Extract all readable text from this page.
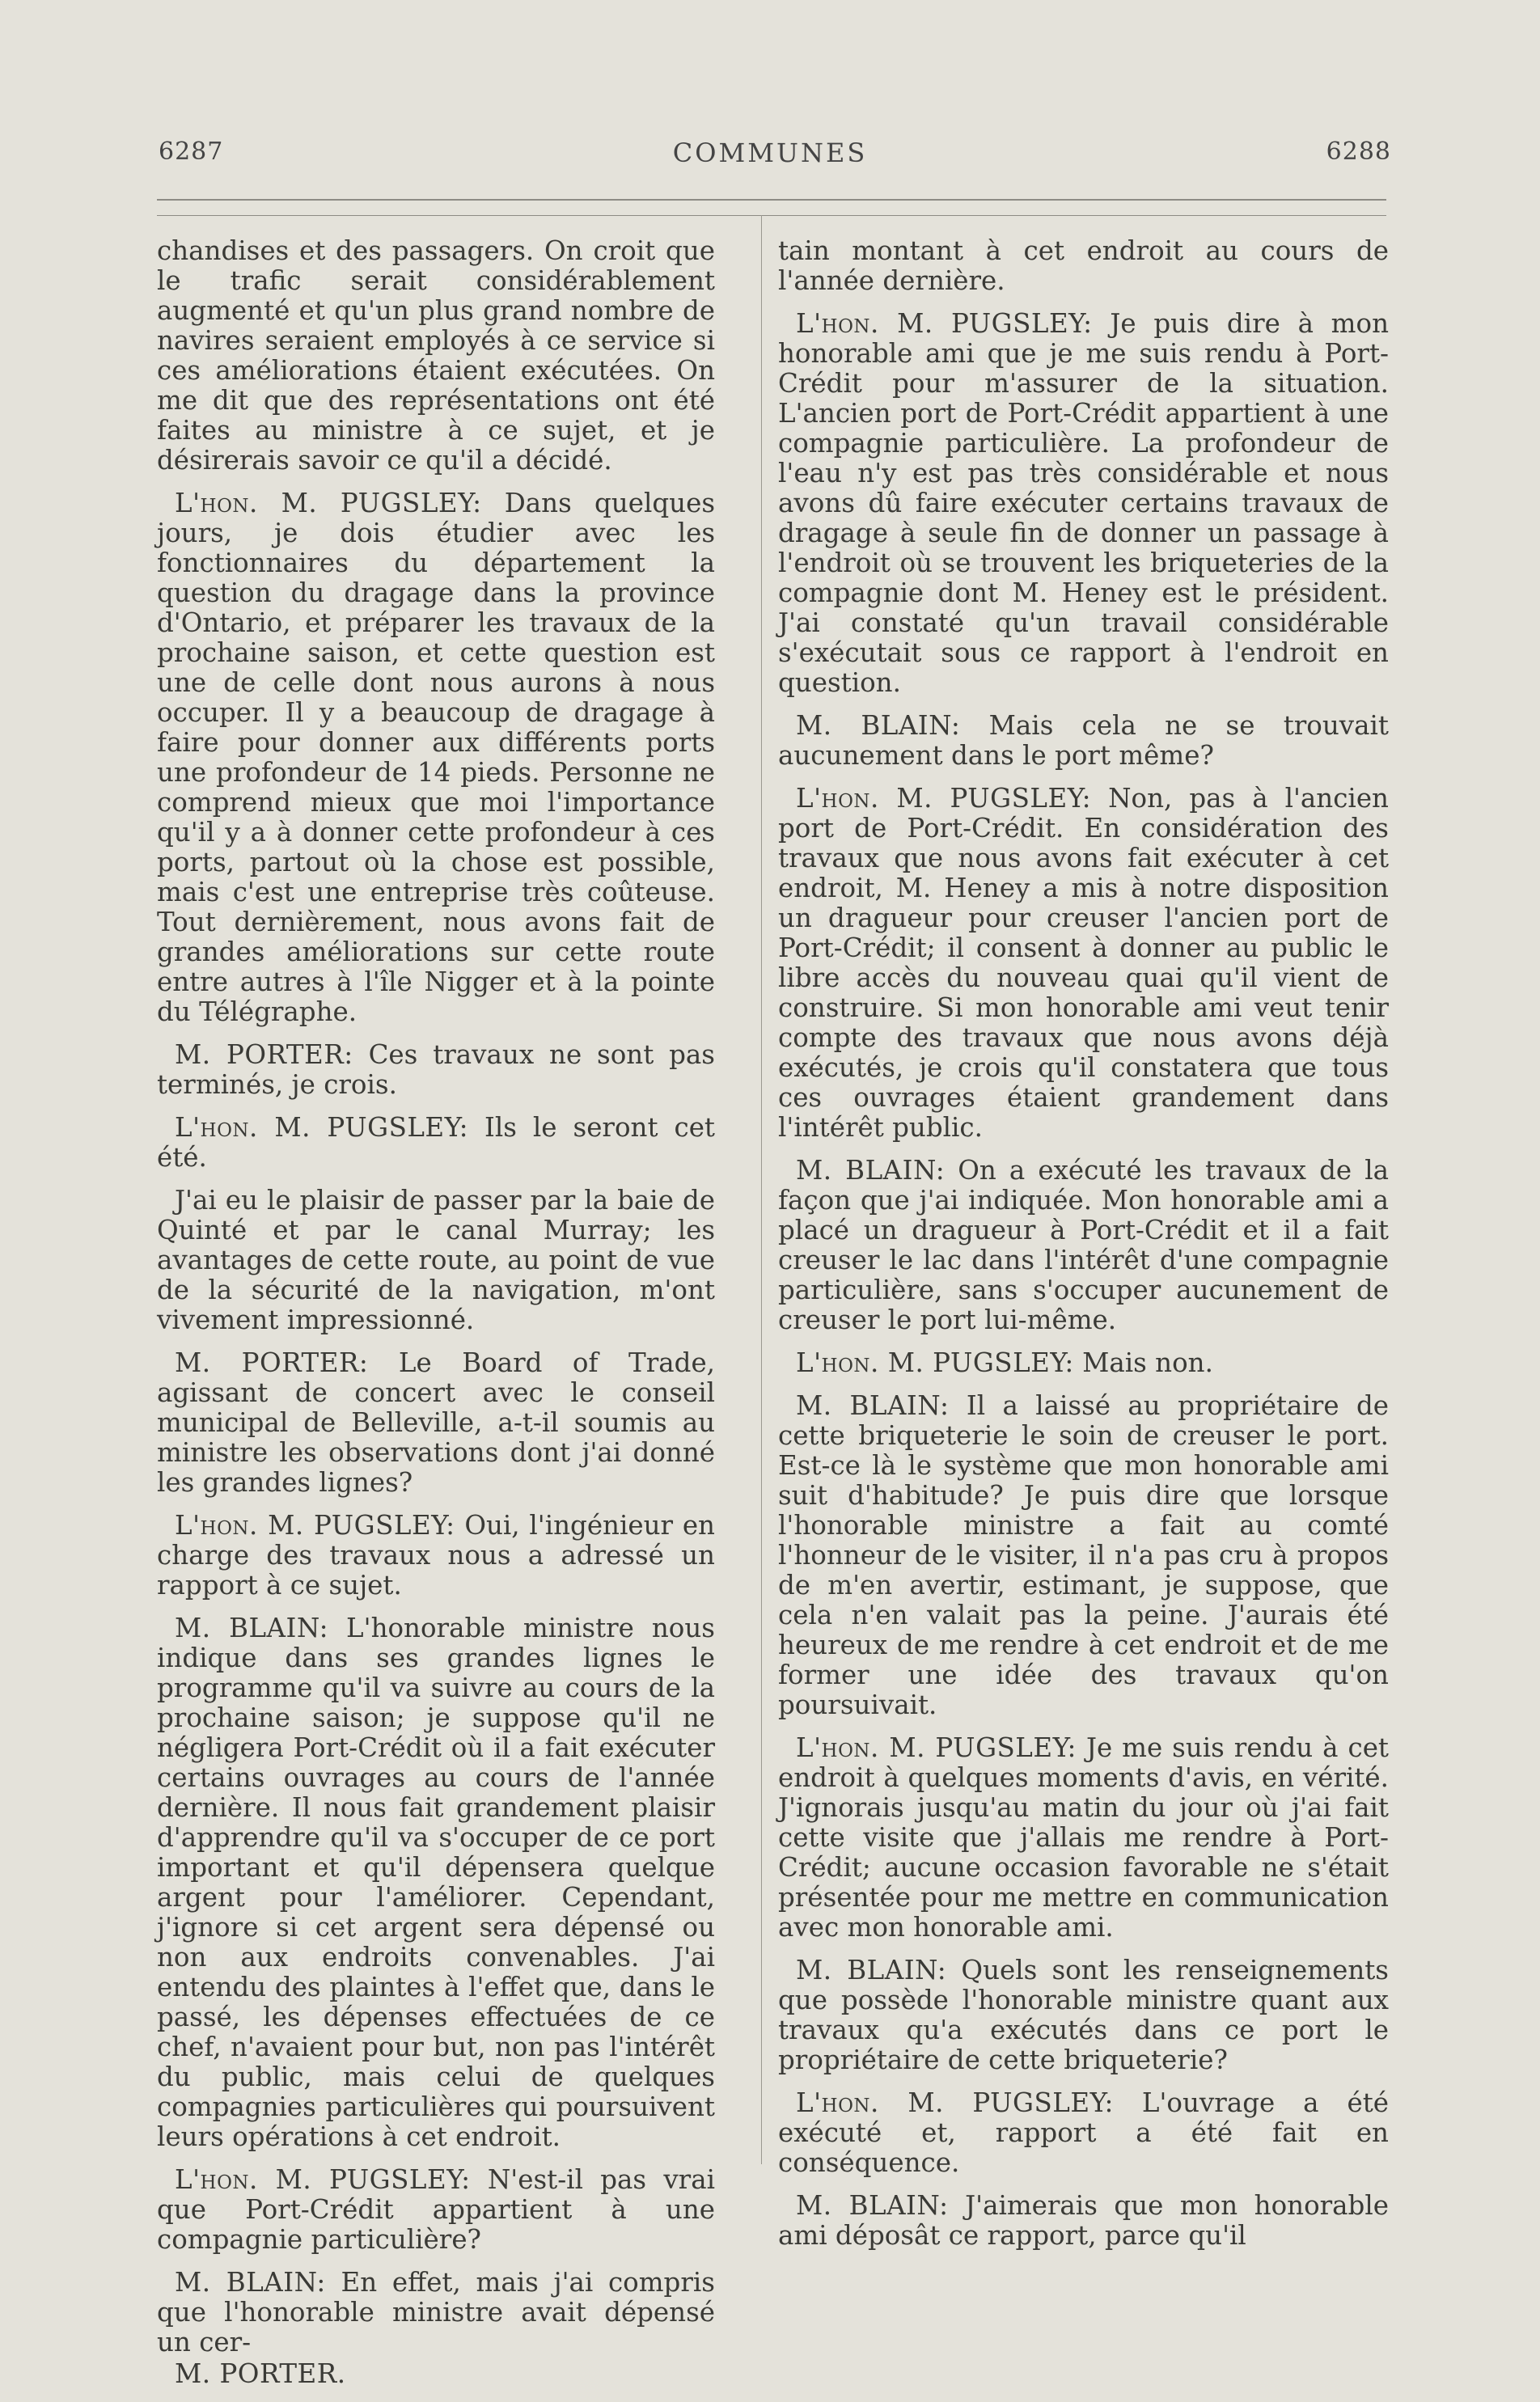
6287	COMMUNES	6288

chandises et des passagers. On croit que le trafic serait considérablement augmenté et qu'un plus grand nombre de navires seraient employés à ce service si ces améliorations étaient exécutées. On me dit que des représentations ont été faites au ministre à ce sujet, et je désirerais savoir ce qu'il a décidé.

L'hon. M. PUGSLEY: Dans quelques jours, je dois étudier avec les fonctionnaires du département la question du dragage dans la province d'Ontario, et préparer les travaux de la prochaine saison, et cette question est une de celle dont nous aurons à nous occuper. Il y a beaucoup de dragage à faire pour donner aux différents ports une profondeur de 14 pieds. Personne ne comprend mieux que moi l'importance qu'il y a à donner cette profondeur à ces ports, partout où la chose est possible, mais c'est une entreprise très coûteuse. Tout dernièrement, nous avons fait de grandes améliorations sur cette route entre autres à l'île Nigger et à la pointe du Télégraphe.

M. PORTER: Ces travaux ne sont pas terminés, je crois.

L'hon. M. PUGSLEY: Ils le seront cet été.

J'ai eu le plaisir de passer par la baie de Quinté et par le canal Murray; les avantages de cette route, au point de vue de la sécurité de la navigation, m'ont vivement impressionné.

M. PORTER: Le Board of Trade, agissant de concert avec le conseil municipal de Belleville, a-t-il soumis au ministre les observations dont j'ai donné les grandes lignes?

L'hon. M. PUGSLEY: Oui, l'ingénieur en charge des travaux nous a adressé un rapport à ce sujet.

M. BLAIN: L'honorable ministre nous indique dans ses grandes lignes le programme qu'il va suivre au cours de la prochaine saison; je suppose qu'il ne négligera Port-Crédit où il a fait exécuter certains ouvrages au cours de l'année dernière. Il nous fait grandement plaisir d'apprendre qu'il va s'occuper de ce port important et qu'il dépensera quelque argent pour l'améliorer. Cependant, j'ignore si cet argent sera dépensé ou non aux endroits convenables. J'ai entendu des plaintes à l'effet que, dans le passé, les dépenses effectuées de ce chef, n'avaient pour but, non pas l'intérêt du public, mais celui de quelques compagnies particulières qui poursuivent leurs opérations à cet endroit.

L'hon. M. PUGSLEY: N'est-il pas vrai que Port-Crédit appartient à une compagnie particulière?

M. BLAIN: En effet, mais j'ai compris que l'honorable ministre avait dépensé un cer-

M. PORTER.

tain montant à cet endroit au cours de l'année dernière.

L'hon. M. PUGSLEY: Je puis dire à mon honorable ami que je me suis rendu à Port-Crédit pour m'assurer de la situation. L'ancien port de Port-Crédit appartient à une compagnie particulière. La profondeur de l'eau n'y est pas très considérable et nous avons dû faire exécuter certains travaux de dragage à seule fin de donner un passage à l'endroit où se trouvent les briqueteries de la compagnie dont M. Heney est le président. J'ai constaté qu'un travail considérable s'exécutait sous ce rapport à l'endroit en question.

M. BLAIN: Mais cela ne se trouvait aucunement dans le port même?

L'hon. M. PUGSLEY: Non, pas à l'ancien port de Port-Crédit. En considération des travaux que nous avons fait exécuter à cet endroit, M. Heney a mis à notre disposition un dragueur pour creuser l'ancien port de Port-Crédit; il consent à donner au public le libre accès du nouveau quai qu'il vient de construire. Si mon honorable ami veut tenir compte des travaux que nous avons déjà exécutés, je crois qu'il constatera que tous ces ouvrages étaient grandement dans l'intérêt public.

M. BLAIN: On a exécuté les travaux de la façon que j'ai indiquée. Mon honorable ami a placé un dragueur à Port-Crédit et il a fait creuser le lac dans l'intérêt d'une compagnie particulière, sans s'occuper aucunement de creuser le port lui-même.

L'hon. M. PUGSLEY: Mais non.

M. BLAIN: Il a laissé au propriétaire de cette briqueterie le soin de creuser le port. Est-ce là le système que mon honorable ami suit d'habitude? Je puis dire que lorsque l'honorable ministre a fait au comté l'honneur de le visiter, il n'a pas cru à propos de m'en avertir, estimant, je suppose, que cela n'en valait pas la peine. J'aurais été heureux de me rendre à cet endroit et de me former une idée des travaux qu'on poursuivait.

L'hon. M. PUGSLEY: Je me suis rendu à cet endroit à quelques moments d'avis, en vérité. J'ignorais jusqu'au matin du jour où j'ai fait cette visite que j'allais me rendre à Port-Crédit; aucune occasion favorable ne s'était présentée pour me mettre en communication avec mon honorable ami.

M. BLAIN: Quels sont les renseignements que possède l'honorable ministre quant aux travaux qu'a exécutés dans ce port le propriétaire de cette briqueterie?

L'hon. M. PUGSLEY: L'ouvrage a été exécuté et, rapport a été fait en conséquence.

M. BLAIN: J'aimerais que mon honorable ami déposât ce rapport, parce qu'il
